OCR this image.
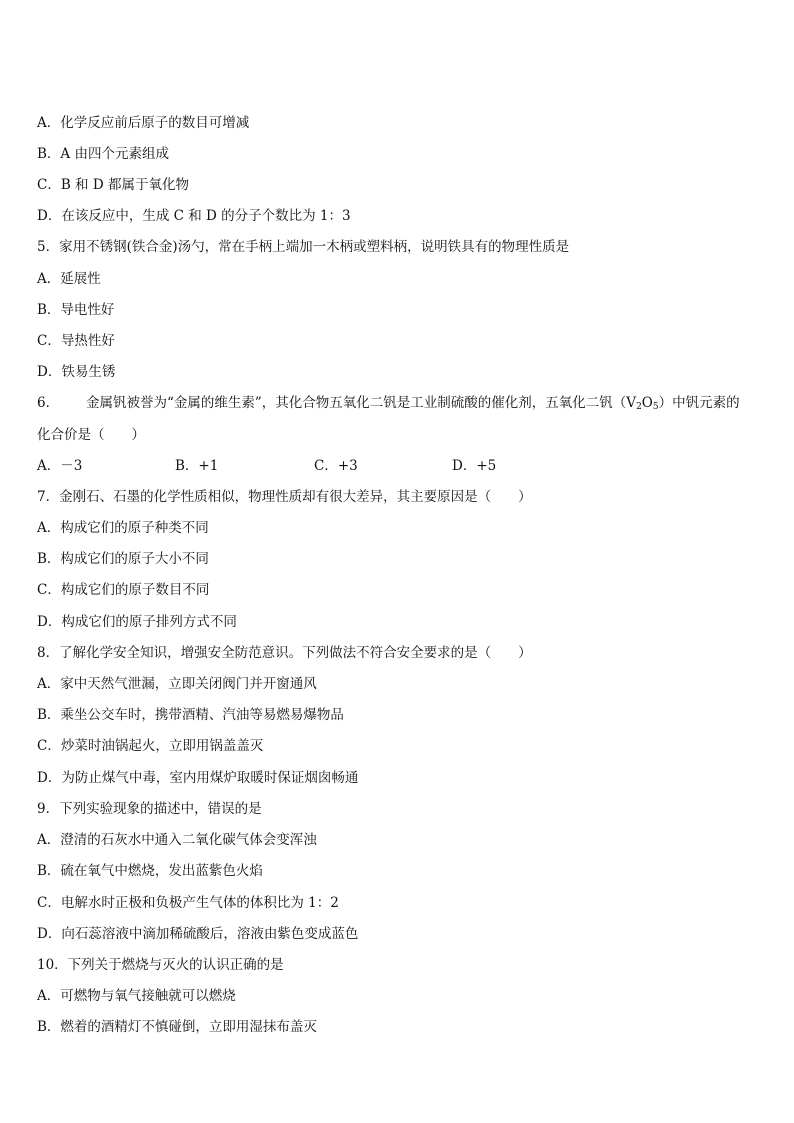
A．化学反应前后原子的数目可增减
B．A 由四个元素组成
C．B 和 D 都属于氧化物
D．在该反应中，生成 C 和 D 的分子个数比为 1：3
5．家用不锈钢(铁合金)汤勺，常在手柄上端加一木柄或塑料柄，说明铁具有的物理性质是
A．延展性
B．导电性好
C．导热性好
D．铁易生锈
6． 金属钒被誉为“金属的维生素”，其化合物五氧化二钒是工业制硫酸的催化剂，五氧化二钒$(V_2O_5)$中钒元素的
化合价是（　　）
A．－3	B．+1	C．+3	D．+5
7．金刚石、石墨的化学性质相似，物理性质却有很大差异，其主要原因是（　　）
A．构成它们的原子种类不同
B．构成它们的原子大小不同
C．构成它们的原子数目不同
D．构成它们的原子排列方式不同
8．了解化学安全知识，增强安全防范意识。下列做法不符合安全要求的是（　　）
A．家中天然气泄漏，立即关闭阀门并开窗通风
B．乘坐公交车时，携带酒精、汽油等易燃易爆物品
C．炒菜时油锅起火，立即用锅盖盖灭
D．为防止煤气中毒，室内用煤炉取暖时保证烟囱畅通
9．下列实验现象的描述中，错误的是
A．澄清的石灰水中通入二氧化碳气体会变浑浊
B．硫在氧气中燃烧，发出蓝紫色火焰
C．电解水时正极和负极产生气体的体积比为 1：2
D．向石蕊溶液中滴加稀硫酸后，溶液由紫色变成蓝色
10．下列关于燃烧与灭火的认识正确的是
A．可燃物与氧气接触就可以燃烧
B．燃着的酒精灯不慎碰倒，立即用湿抹布盖灭
